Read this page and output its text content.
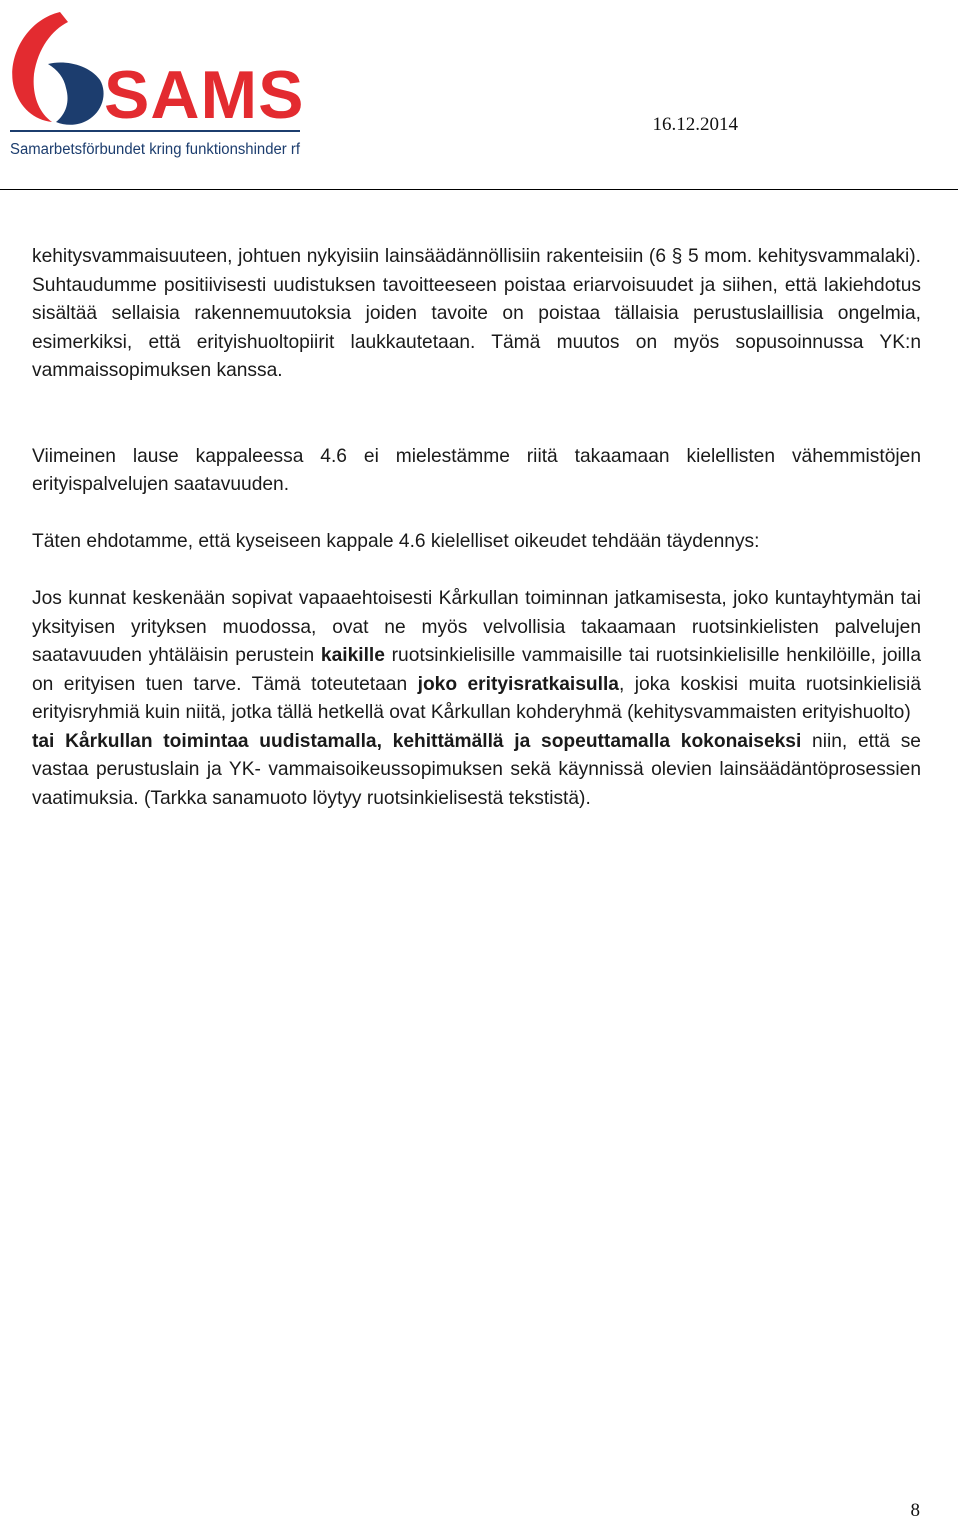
SAMS
Samarbetsförbundet kring funktionshinder rf
16.12.2014

kehitysvammaisuuteen, johtuen nykyisiin lainsäädännöllisiin rakenteisiin (6 § 5 mom. kehitysvammalaki). Suhtaudumme positiivisesti uudistuksen tavoitteeseen poistaa eriarvoisuudet ja siihen, että lakiehdotus sisältää sellaisia rakennemuutoksia joiden tavoite on poistaa tällaisia perustuslaillisia ongelmia, esimerkiksi, että erityishuoltopiirit laukkautetaan. Tämä muutos on myös sopusoinnussa YK:n vammaissopimuksen kanssa.

Viimeinen lause kappaleessa 4.6 ei mielestämme riitä takaamaan kielellisten vähemmistöjen erityispalvelujen saatavuuden.

Täten ehdotamme, että kyseiseen kappale 4.6 kielelliset oikeudet tehdään täydennys:

Jos kunnat keskenään sopivat vapaaehtoisesti Kårkullan toiminnan jatkamisesta, joko kuntayhtymän tai yksityisen yrityksen muodossa, ovat ne myös velvollisia takaamaan ruotsinkielisten palvelujen saatavuuden yhtäläisin perustein kaikille ruotsinkielisille vammaisille tai ruotsinkielisille henkilöille, joilla on erityisen tuen tarve. Tämä toteutetaan joko erityisratkaisulla, joka koskisi muita ruotsinkielisiä erityisryhmiä kuin niitä, jotka tällä hetkellä ovat Kårkullan kohderyhmä (kehitysvammaisten erityishuolto)

tai Kårkullan toimintaa uudistamalla, kehittämällä ja sopeuttamalla kokonaiseksi niin, että se vastaa perustuslain ja YK- vammaisoikeussopimuksen sekä käynnissä olevien lainsäädäntöprosessien vaatimuksia. (Tarkka sanamuoto löytyy ruotsinkielisestä tekstistä).

8
